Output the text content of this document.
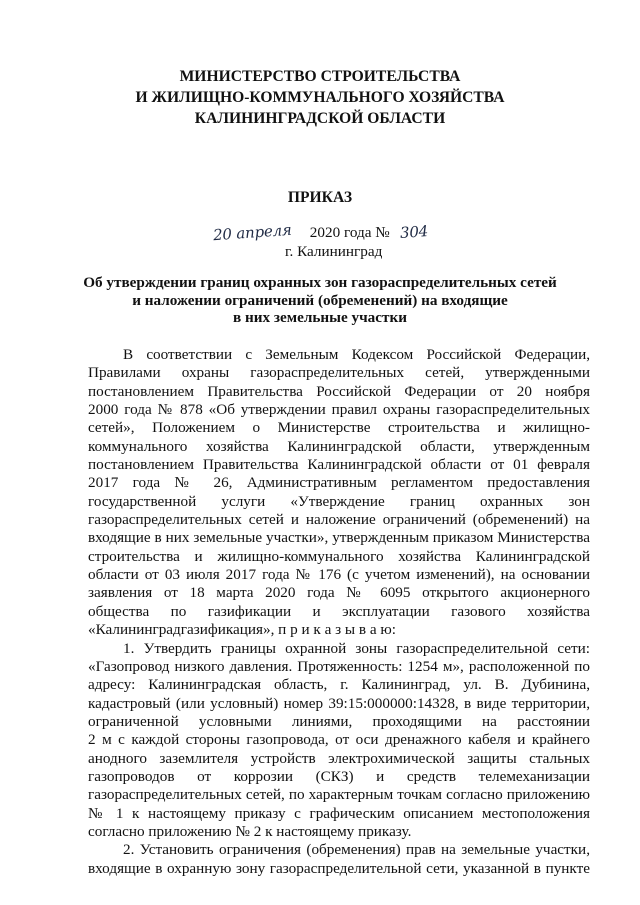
МИНИСТЕРСТВО СТРОИТЕЛЬСТВА
И ЖИЛИЩНО-КОММУНАЛЬНОГО ХОЗЯЙСТВА
КАЛИНИНГРАДСКОЙ ОБЛАСТИ
ПРИКАЗ
20 апреля 2020 года № 304
г. Калининград
Об утверждении границ охранных зон газораспределительных сетей
и наложении ограничений (обременений) на входящие
в них земельные участки
В соответствии с Земельным Кодексом Российской Федерации,
Правилами охраны газораспределительных сетей, утвержденными
постановлением Правительства Российской Федерации от 20 ноября
2000 года № 878 «Об утверждении правил охраны газораспределительных
сетей», Положением о Министерстве строительства и жилищно-
коммунального хозяйства Калининградской области, утвержденным
постановлением Правительства Калининградской области от 01 февраля
2017 года № 26, Административным регламентом предоставления
государственной услуги «Утверждение границ охранных зон
газораспределительных сетей и наложение ограничений (обременений) на
входящие в них земельные участки», утвержденным приказом Министерства
строительства и жилищно-коммунального хозяйства Калининградской
области от 03 июля 2017 года № 176 (с учетом изменений), на основании
заявления от 18 марта 2020 года № 6095 открытого акционерного
общества по газификации и эксплуатации газового хозяйства
«Калининградгазификация», п р и к а з ы в а ю:
1. Утвердить границы охранной зоны газораспределительной сети:
«Газопровод низкого давления. Протяженность: 1254 м», расположенной по
адресу: Калининградская область, г. Калининград, ул. В. Дубинина,
кадастровый (или условный) номер 39:15:000000:14328, в виде территории,
ограниченной условными линиями, проходящими на расстоянии
2 м с каждой стороны газопровода, от оси дренажного кабеля и крайнего
анодного заземлителя устройств электрохимической защиты стальных
газопроводов от коррозии (СКЗ) и средств телемеханизации
газораспределительных сетей, по характерным точкам согласно приложению
№ 1 к настоящему приказу с графическим описанием местоположения
согласно приложению № 2 к настоящему приказу.
2. Установить ограничения (обременения) прав на земельные участки,
входящие в охранную зону газораспределительной сети, указанной в пункте
